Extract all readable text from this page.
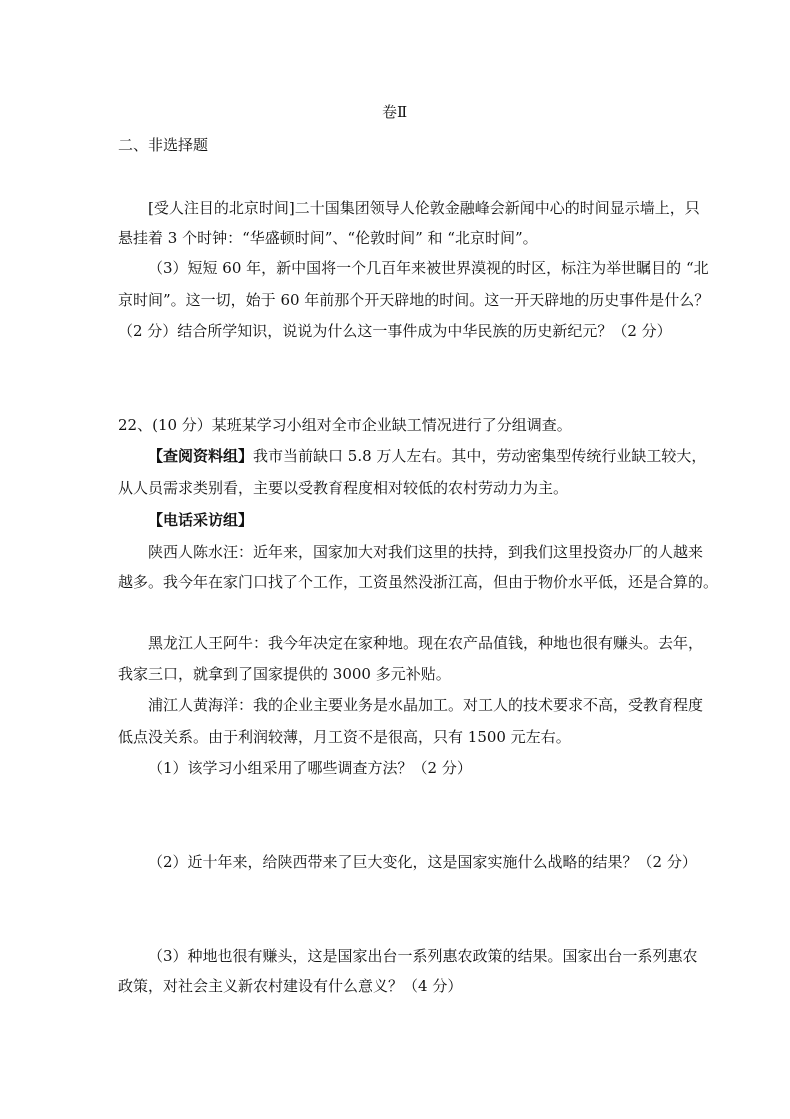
卷Ⅱ
二、非选择题
[受人注目的北京时间]二十国集团领导人伦敦金融峰会新闻中心的时间显示墙上，只
悬挂着 3 个时钟：“华盛顿时间”、“伦敦时间” 和 “北京时间”。
（3）短短 60 年，新中国将一个几百年来被世界漠视的时区，标注为举世瞩目的 “北
京时间”。这一切，始于 60 年前那个开天辟地的时间。这一开天辟地的历史事件是什么？
（2 分）结合所学知识，说说为什么这一事件成为中华民族的历史新纪元？（2 分）
22、(10 分）某班某学习小组对全市企业缺工情况进行了分组调查。
【查阅资料组】我市当前缺口 5.8 万人左右。其中，劳动密集型传统行业缺工较大，
从人员需求类别看，主要以受教育程度相对较低的农村劳动力为主。
【电话采访组】
陕西人陈水汪：近年来，国家加大对我们这里的扶持，到我们这里投资办厂的人越来
越多。我今年在家门口找了个工作，工资虽然没浙江高，但由于物价水平低，还是合算的。
黑龙江人王阿牛：我今年决定在家种地。现在农产品值钱，种地也很有赚头。去年，
我家三口，就拿到了国家提供的 3000 多元补贴。
浦江人黄海洋：我的企业主要业务是水晶加工。对工人的技术要求不高，受教育程度
低点没关系。由于利润较薄，月工资不是很高，只有 1500 元左右。
（1）该学习小组采用了哪些调查方法？（2 分）
（2）近十年来，给陕西带来了巨大变化，这是国家实施什么战略的结果？（2 分）
（3）种地也很有赚头，这是国家出台一系列惠农政策的结果。国家出台一系列惠农
政策，对社会主义新农村建设有什么意义？（4 分）
